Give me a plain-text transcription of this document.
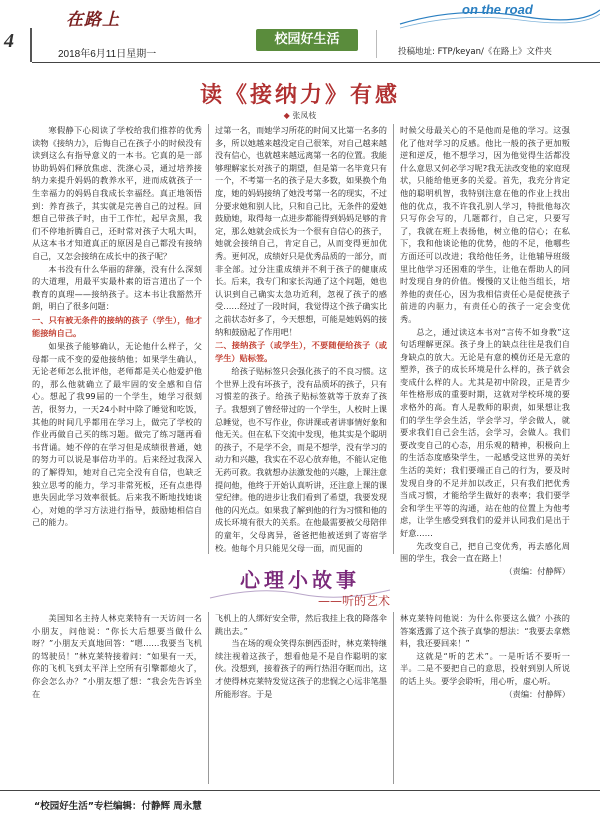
4
在路上
2018年6月11日星期一
校园好生活
on the road
投稿地址: FTP/keyan/《在路上》文件夹
读《接纳力》有感
◆ 张凤枝

寒假静下心阅读了学校给我们推荐的优秀读物《接纳力》，后悔自己在孩子小的时候没有读到这么有指导意义的一本书。它真的是一部协助妈妈们释放焦虑、洗涤心灵，通过培养接纳力来提升妈妈的教养水平，进而成就孩子一生幸福力的妈妈自我成长幸福经。真正地领悟到：养育孩子，其实就是完善自己的过程。回想自己带孩子时，由于工作忙，起早贪黑，我们不停地折腾自己，还时常对孩子大吼大叫，从这本书才知道真正的原因是自己都没有接纳自己，又怎会接纳在成长中的孩子呢？

本书没有什么华丽的辞藻，没有什么深刻的大道理，用最平实最朴素的语言道出了一个教育的真理——接纳孩子。这本书让我豁然开朗，明白了很多问题：

一、只有被无条件的接纳的孩子（学生），他才能接纳自己。

如果孩子能够确认，无论他什么样子，父母都一成不变的爱他接纳他；如果学生确认，无论老师怎么批评他，老师都是关心他爱护他的，那么他就确立了最牢固的安全感和自信心。想起了我99届的一个学生，她学习很刻苦，很努力，一天24小时中除了睡觉和吃饭，其他的时间几乎都用在学习上，做完了学校的作业再做自己买的练习题。做完了练习题再看书背诵。她不停的在学习但是成绩很普通，她的努力可以说是事倍功半的。后来经过我深入的了解得知，她对自己完全没有自信，也缺乏独立思考的能力，学习非常死板，还有点患得患失因此学习效率很低。后来我不断地找她谈心，对她的学习方法进行指导，鼓励她相信自己的能力。

过第一名，而她学习所花的时间又比第一名多的多，所以她越来越没定自己很笨，对自己越来越没有信心，也就越来越远离第一名的位置。我能够理解家长对孩子的期望，但是第一名毕竟只有一个，不考第一名的孩子是大多数，如果换个角度，她的妈妈接纳了她没考第一名的现实，不过分要求她和别人比，只和自己比，无条件的爱她鼓励她，取得每一点进步都能得到妈妈足够的肯定，那么她就会成长为一个很有自信心的孩子，她就会接纳自己，肯定自己，从而变得更加优秀。更何况，成绩好只是优秀品质的一部分，而非全部。过分注重成绩并不利于孩子的健康成长。后来，我专门和家长沟通了这个问题，她也认识到自己确实太急功近利，忽视了孩子的感受……经过了一段时间，我觉得这个孩子确实比之前状态好多了，今天想想，可能是她妈妈的接纳和鼓励起了作用吧！

二、接纳孩子（或学生），不要随便给孩子（或学生）贴标签。

给孩子贴标签只会强化孩子的不良习惯。这个世界上没有坏孩子，没有品质坏的孩子，只有习惯差的孩子。给孩子贴标签就等于放弃了孩子。我想到了曾经带过的一个学生，人校时上课总睡觉，也不写作业，你讲课或者讲事情好象和他无关。但在私下交流中发现，他其实是个聪明的孩子，不是学不会，而是不想学，没有学习的动力和兴趣，我实在不忍心放弃他，不能认定他无药可救。我就想办法激发他的兴趣，上课注意提问他，他终于开始认真听讲，还注意上课的课堂纪律。他的进步让我们看到了希望，我要发现他的闪光点。如果我了解到他的行为习惯和他的成长环境有很大的关系。在他最需要被父母陪伴的童年，父母离异，爸爸把他被送到了寄宿学校。他每个月只能见父母一面，而见面的

时候父母最关心的不是他而是他的学习。这强化了他对学习的反感。他比一般的孩子更加叛逆和逆反，他不想学习，因为他觉得生活都没什么意思又何必学习呢?我无法改变他的家庭现状，只能给他更多的关爱。首先，我充分肯定他的聪明机智，我特别注意在他的作业上找出他的优点，我不许我孔别人学习，特批他每次只写你会写的，几题都行，自己定，只要写了，我就在班上表扬他，树立他的信心；在私下，我和他谈论他的优势，他的不足，他哪些方面还可以改进；我给他任务，让他辅导班级里比他学习还困难的学生，让他在帮助人的同时发现自身的价值。慢慢的又让他当组长，培养他的责任心，因为我相信责任心是促使孩子前进的内驱力，有责任心的孩子一定会变优秀。

总之，通过读这本书对“言传不如身教”这句话理解更深。孩子身上的缺点往往是我们自身缺点的放大。无论是有意的模仿还是无意的塑养，孩子的成长环境是什么样的，孩子就会变成什么样的人。尤其是初中阶段，正是青少年性格形成的重要时期，这就对学校环境的要求格外的高。育人是教师的职责，如果想让我们的学生学会生活，学会学习，学会做人，就要求我们自己会生活，会学习，会做人。我们要改变自己的心态，用乐观的精神，积极向上的生活态度感染学生，一起感受这世界的美好生活的美好；我们要端正自己的行为，要及时发现自身的不足并加以改正，只有我们把优秀当成习惯，才能给学生做好的表率；我们要学会和学生平等的沟通，站在他的位置上为他考虑，让学生感受到我们的爱并认同我们是出于好意……

先改变自己，把自己变优秀，再去感化周围的学生，我会一直在路上！

（责编：付静辉）

心理小故事
——听的艺术

美国知名主持人林克莱特有一天访问一名小朋友，问他说：“你长大后想要当做什么呀？”小朋友天真地回答：“嗯……我要当飞机的驾驶员！”林克莱特接着问：“如果有一天，你的飞机飞到太平洋上空所有引擎都熄火了，你会怎么办？”小朋友想了想：“我会先告诉坐在

飞机上的人绑好安全带，然后我挂上我的降落伞跳出去。”

当在场的观众笑得东倒西歪时，林克莱特继续注视着这孩子，想看他是不是自作聪明的家伙。没想到，接着孩子的两行热泪夺眶而出，这才使得林克莱特发觉这孩子的悲悯之心远非笔墨所能形容。于是

林克莱特问他说：为什么你要这么做？小孩的答案透露了这个孩子真挚的想法：“我要去拿燃料，我还要回来！”

这就是“听的艺术”。一是听话不要听一半。二是不要把自己的意思，投射到别人所说的话上头。要学会聆听，用心听，虚心听。

（责编：付静辉）

“校园好生活”专栏编辑：付静辉 周永慧
